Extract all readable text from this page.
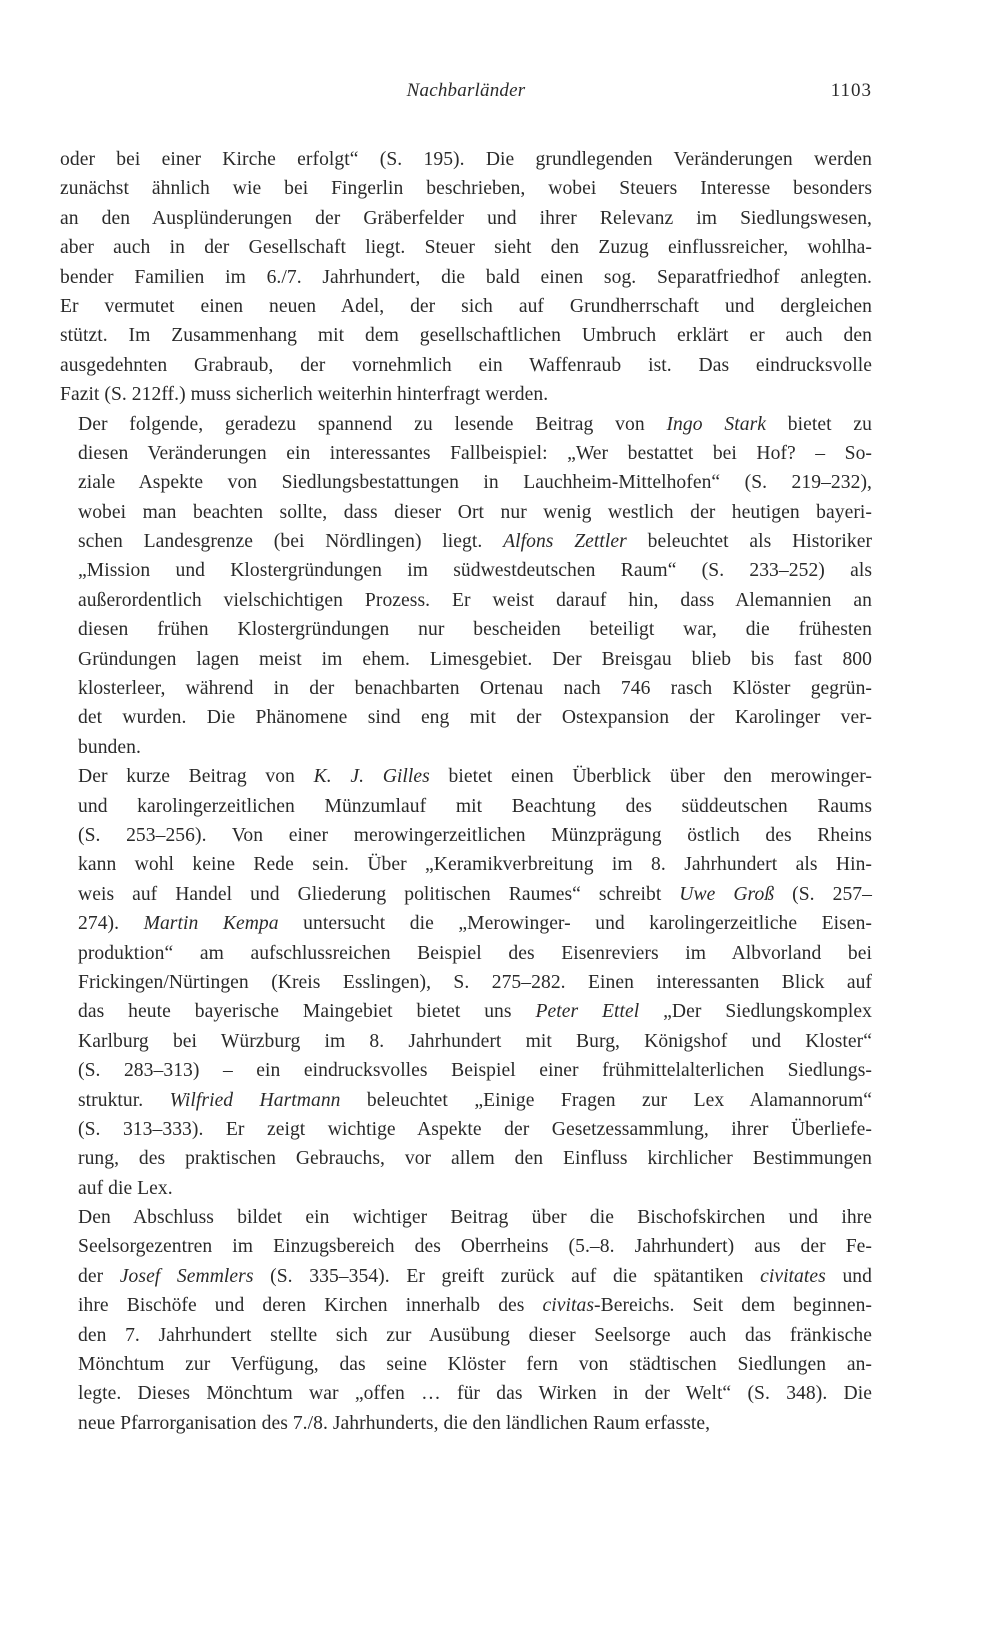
Nachbarländer	1103
oder bei einer Kirche erfolgt“ (S. 195). Die grundlegenden Veränderungen werden
zunächst ähnlich wie bei Fingerlin beschrieben, wobei Steuers Interesse besonders
an den Ausplünderungen der Gräberfelder und ihrer Relevanz im Siedlungswesen,
aber auch in der Gesellschaft liegt. Steuer sieht den Zuzug einflussreicher, wohlha-
bender Familien im 6./7. Jahrhundert, die bald einen sog. Separatfriedhof anlegten.
Er vermutet einen neuen Adel, der sich auf Grundherrschaft und dergleichen
stützt. Im Zusammenhang mit dem gesellschaftlichen Umbruch erklärt er auch den
ausgedehnten Grabraub, der vornehmlich ein Waffenraub ist. Das eindrucksvolle
Fazit (S. 212ff.) muss sicherlich weiterhin hinterfragt werden.
Der folgende, geradezu spannend zu lesende Beitrag von Ingo Stark bietet zu
diesen Veränderungen ein interessantes Fallbeispiel: „Wer bestattet bei Hof? – So-
ziale Aspekte von Siedlungsbestattungen in Lauchheim-Mittelhofen“ (S. 219–232),
wobei man beachten sollte, dass dieser Ort nur wenig westlich der heutigen bayeri-
schen Landesgrenze (bei Nördlingen) liegt. Alfons Zettler beleuchtet als Historiker
„Mission und Klostergründungen im südwestdeutschen Raum“ (S. 233–252) als
außerordentlich vielschichtigen Prozess. Er weist darauf hin, dass Alemannien an
diesen frühen Klostergründungen nur bescheiden beteiligt war, die frühesten
Gründungen lagen meist im ehem. Limesgebiet. Der Breisgau blieb bis fast 800
klosterleer, während in der benachbarten Ortenau nach 746 rasch Klöster gegrün-
det wurden. Die Phänomene sind eng mit der Ostexpansion der Karolinger ver-
bunden.
Der kurze Beitrag von K. J. Gilles bietet einen Überblick über den merowinger-
und karolingerzeitlichen Münzumlauf mit Beachtung des süddeutschen Raums
(S. 253–256). Von einer merowingerzeitlichen Münzprägung östlich des Rheins
kann wohl keine Rede sein. Über „Keramikverbreitung im 8. Jahrhundert als Hin-
weis auf Handel und Gliederung politischen Raumes“ schreibt Uwe Groß (S. 257–
274). Martin Kempa untersucht die „Merowinger- und karolingerzeitliche Eisen-
produktion“ am aufschlussreichen Beispiel des Eisenreviers im Albvorland bei
Frickingen/Nürtingen (Kreis Esslingen), S. 275–282. Einen interessanten Blick auf
das heute bayerische Maingebiet bietet uns Peter Ettel „Der Siedlungskomplex
Karlburg bei Würzburg im 8. Jahrhundert mit Burg, Königshof und Kloster“
(S. 283–313) – ein eindrucksvolles Beispiel einer frühmittelalterlichen Siedlungs-
struktur. Wilfried Hartmann beleuchtet „Einige Fragen zur Lex Alamannorum“
(S. 313–333). Er zeigt wichtige Aspekte der Gesetzessammlung, ihrer Überliefe-
rung, des praktischen Gebrauchs, vor allem den Einfluss kirchlicher Bestimmungen
auf die Lex.
Den Abschluss bildet ein wichtiger Beitrag über die Bischofskirchen und ihre
Seelsorgezentren im Einzugsbereich des Oberrheins (5.–8. Jahrhundert) aus der Fe-
der Josef Semmlers (S. 335–354). Er greift zurück auf die spätantiken civitates und
ihre Bischöfe und deren Kirchen innerhalb des civitas-Bereichs. Seit dem beginnen-
den 7. Jahrhundert stellte sich zur Ausübung dieser Seelsorge auch das fränkische
Mönchtum zur Verfügung, das seine Klöster fern von städtischen Siedlungen an-
legte. Dieses Mönchtum war „offen … für das Wirken in der Welt“ (S. 348). Die
neue Pfarrorganisation des 7./8. Jahrhunderts, die den ländlichen Raum erfasste,
